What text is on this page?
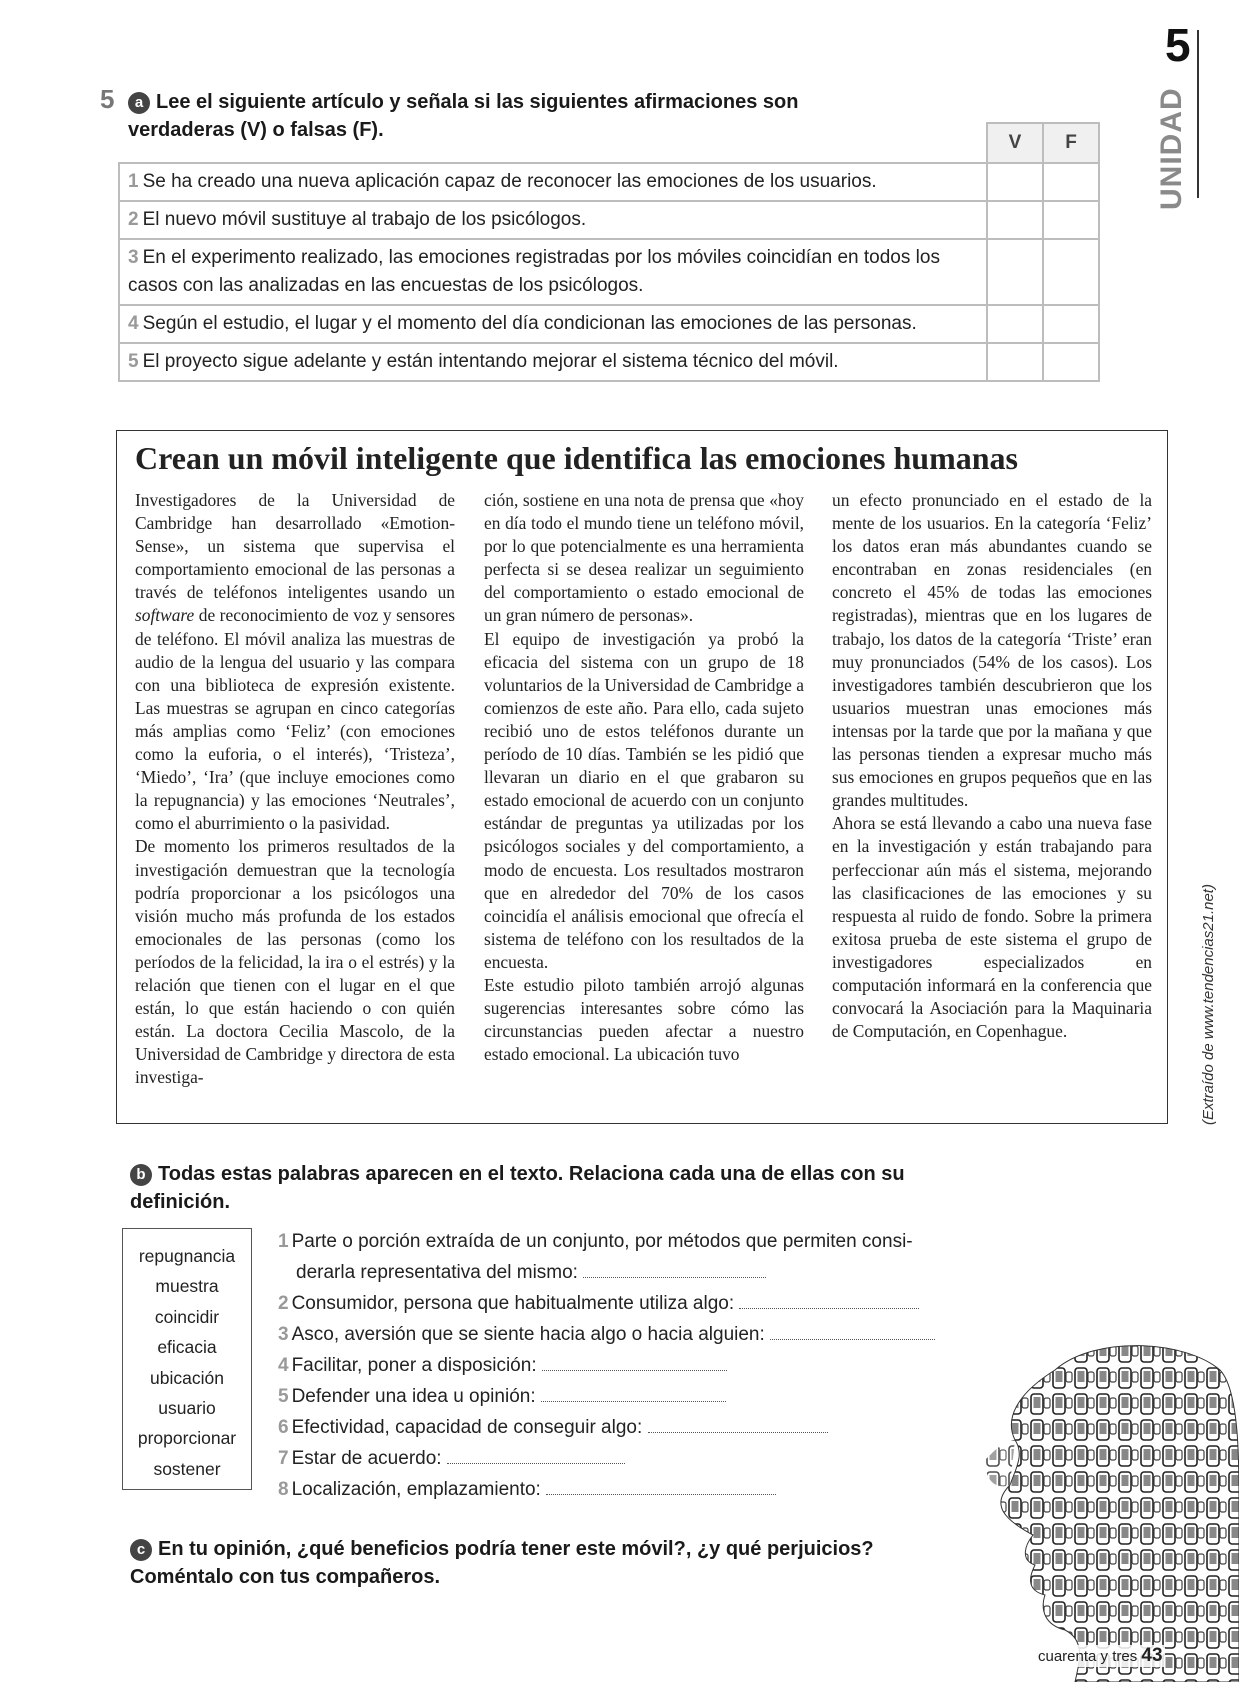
5
UNIDAD
5	a Lee el siguiente artículo y señala si las siguientes afirmaciones son verdaderas (V) o falsas (F).
	V	F
1 Se ha creado una nueva aplicación capaz de reconocer las emociones de los usuarios.		
2 El nuevo móvil sustituye al trabajo de los psicólogos.		
3 En el experimento realizado, las emociones registradas por los móviles coincidían en todos los casos con las analizadas en las encuestas de los psicólogos.		
4 Según el estudio, el lugar y el momento del día condicionan las emociones de las personas.		
5 El proyecto sigue adelante y están intentando mejorar el sistema técnico del móvil.		
Crean un móvil inteligente que identifica las emociones humanas

Investigadores de la Universidad de Cambridge han desarrollado «EmotionSense», un sistema que supervisa el comportamiento emocional de las personas a través de teléfonos inteligentes usando un software de reconocimiento de voz y sensores de teléfono. El móvil analiza las muestras de audio de la lengua del usuario y las compara con una biblioteca de expresión existente. Las muestras se agrupan en cinco categorías más amplias como ‘Feliz’ (con emociones como la euforia, o el interés), ‘Tristeza’, ‘Miedo’, ‘Ira’ (que incluye emociones como la repugnancia) y las emociones ‘Neutrales’, como el aburrimiento o la pasividad.

De momento los primeros resultados de la investigación demuestran que la tecnología podría proporcionar a los psicólogos una visión mucho más profunda de los estados emocionales de las personas (como los períodos de la felicidad, la ira o el estrés) y la relación que tienen con el lugar en el que están, lo que están haciendo o con quién están. La doctora Cecilia Mascolo, de la Universidad de Cambridge y directora de esta investiga-

ción, sostiene en una nota de prensa que «hoy en día todo el mundo tiene un teléfono móvil, por lo que potencialmente es una herramienta perfecta si se desea realizar un seguimiento del comportamiento o estado emocional de un gran número de personas».

El equipo de investigación ya probó la eficacia del sistema con un grupo de 18 voluntarios de la Universidad de Cambridge a comienzos de este año. Para ello, cada sujeto recibió uno de estos teléfonos durante un período de 10 días. También se les pidió que llevaran un diario en el que grabaron su estado emocional de acuerdo con un conjunto estándar de preguntas ya utilizadas por los psicólogos sociales y del comportamiento, a modo de encuesta. Los resultados mostraron que en alrededor del 70% de los casos coincidía el análisis emocional que ofrecía el sistema de teléfono con los resultados de la encuesta.

Este estudio piloto también arrojó algunas sugerencias interesantes sobre cómo las circunstancias pueden afectar a nuestro estado emocional. La ubicación tuvo

un efecto pronunciado en el estado de la mente de los usuarios. En la categoría ‘Feliz’ los datos eran más abundantes cuando se encontraban en zonas residenciales (en concreto el 45% de todas las emociones registradas), mientras que en los lugares de trabajo, los datos de la categoría ‘Triste’ eran muy pronunciados (54% de los casos). Los investigadores también descubrieron que los usuarios muestran unas emociones más intensas por la tarde que por la mañana y que las personas tienden a expresar mucho más sus emociones en grupos pequeños que en las grandes multitudes.

Ahora se está llevando a cabo una nueva fase en la investigación y están trabajando para perfeccionar aún más el sistema, mejorando las clasificaciones de las emociones y su respuesta al ruido de fondo. Sobre la primera exitosa prueba de este sistema el grupo de investigadores especializados en computación informará en la conferencia que convocará la Asociación para la Maquinaria de Computación, en Copenhague.	(Extraído de www.tendencias21.net)
b Todas estas palabras aparecen en el texto. Relaciona cada una de ellas con su definición.
repugnancia
muestra
coincidir
eficacia
ubicación
usuario
proporcionar
sostener
1 Parte o porción extraída de un conjunto, por métodos que permiten consi-
derarla representativa del mismo:
2 Consumidor, persona que habitualmente utiliza algo:
3 Asco, aversión que se siente hacia algo o hacia alguien:
4 Facilitar, poner a disposición:
5 Defender una idea u opinión:
6 Efectividad, capacidad de conseguir algo:
7 Estar de acuerdo:
8 Localización, emplazamiento:
c En tu opinión, ¿qué beneficios podría tener este móvil?, ¿y qué perjuicios? Coméntalo con tus compañeros.
cuarenta y tres 43
